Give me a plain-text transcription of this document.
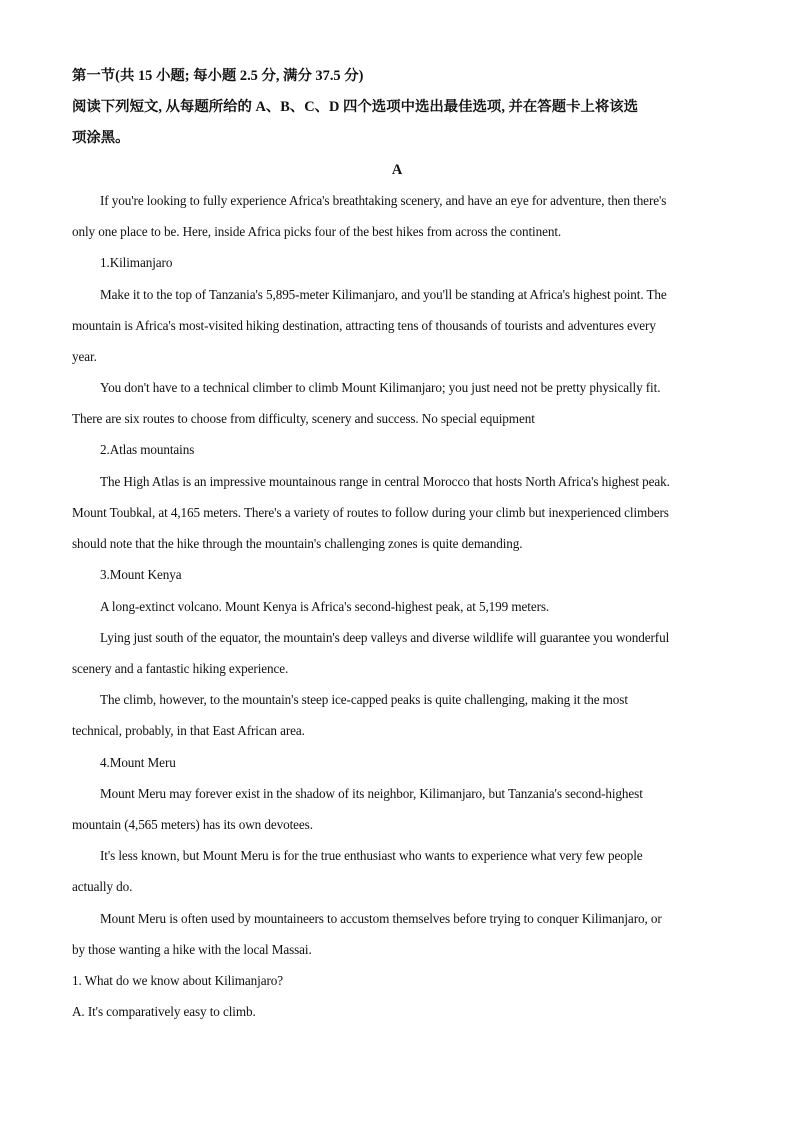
第一节(共 15 小题; 每小题 2.5 分, 满分 37.5 分)
阅读下列短文, 从每题所给的 A、B、C、D 四个选项中选出最佳选项, 并在答题卡上将该选
项涂黑。
A
If you're looking to fully experience Africa's breathtaking scenery, and have an eye for adventure, then there's
only one place to be. Here, inside Africa picks four of the best hikes from across the continent.
1.Kilimanjaro
Make it to the top of Tanzania's 5,895-meter Kilimanjaro, and you'll be standing at Africa's highest point. The
mountain is Africa's most-visited hiking destination, attracting tens of thousands of tourists and adventures every
year.
You don't have to a technical climber to climb Mount Kilimanjaro; you just need not be pretty physically fit.
There are six routes to choose from difficulty, scenery and success. No special equipment
2.Atlas mountains
The High Atlas is an impressive mountainous range in central Morocco that hosts North Africa's highest peak.
Mount Toubkal, at 4,165 meters. There's a variety of routes to follow during your climb but inexperienced climbers
should note that the hike through the mountain's challenging zones is quite demanding.
3.Mount Kenya
A long-extinct volcano. Mount Kenya is Africa's second-highest peak, at 5,199 meters.
Lying just south of the equator, the mountain's deep valleys and diverse wildlife will guarantee you wonderful
scenery and a fantastic hiking experience.
The climb, however, to the mountain's steep ice-capped peaks is quite challenging, making it the most
technical, probably, in that East African area.
4.Mount Meru
Mount Meru may forever exist in the shadow of its neighbor, Kilimanjaro, but Tanzania's second-highest
mountain (4,565 meters) has its own devotees.
It's less known, but Mount Meru is for the true enthusiast who wants to experience what very few people
actually do.
Mount Meru is often used by mountaineers to accustom themselves before trying to conquer Kilimanjaro, or
by those wanting a hike with the local Massai.
1. What do we know about Kilimanjaro?
A. It's comparatively easy to climb.
